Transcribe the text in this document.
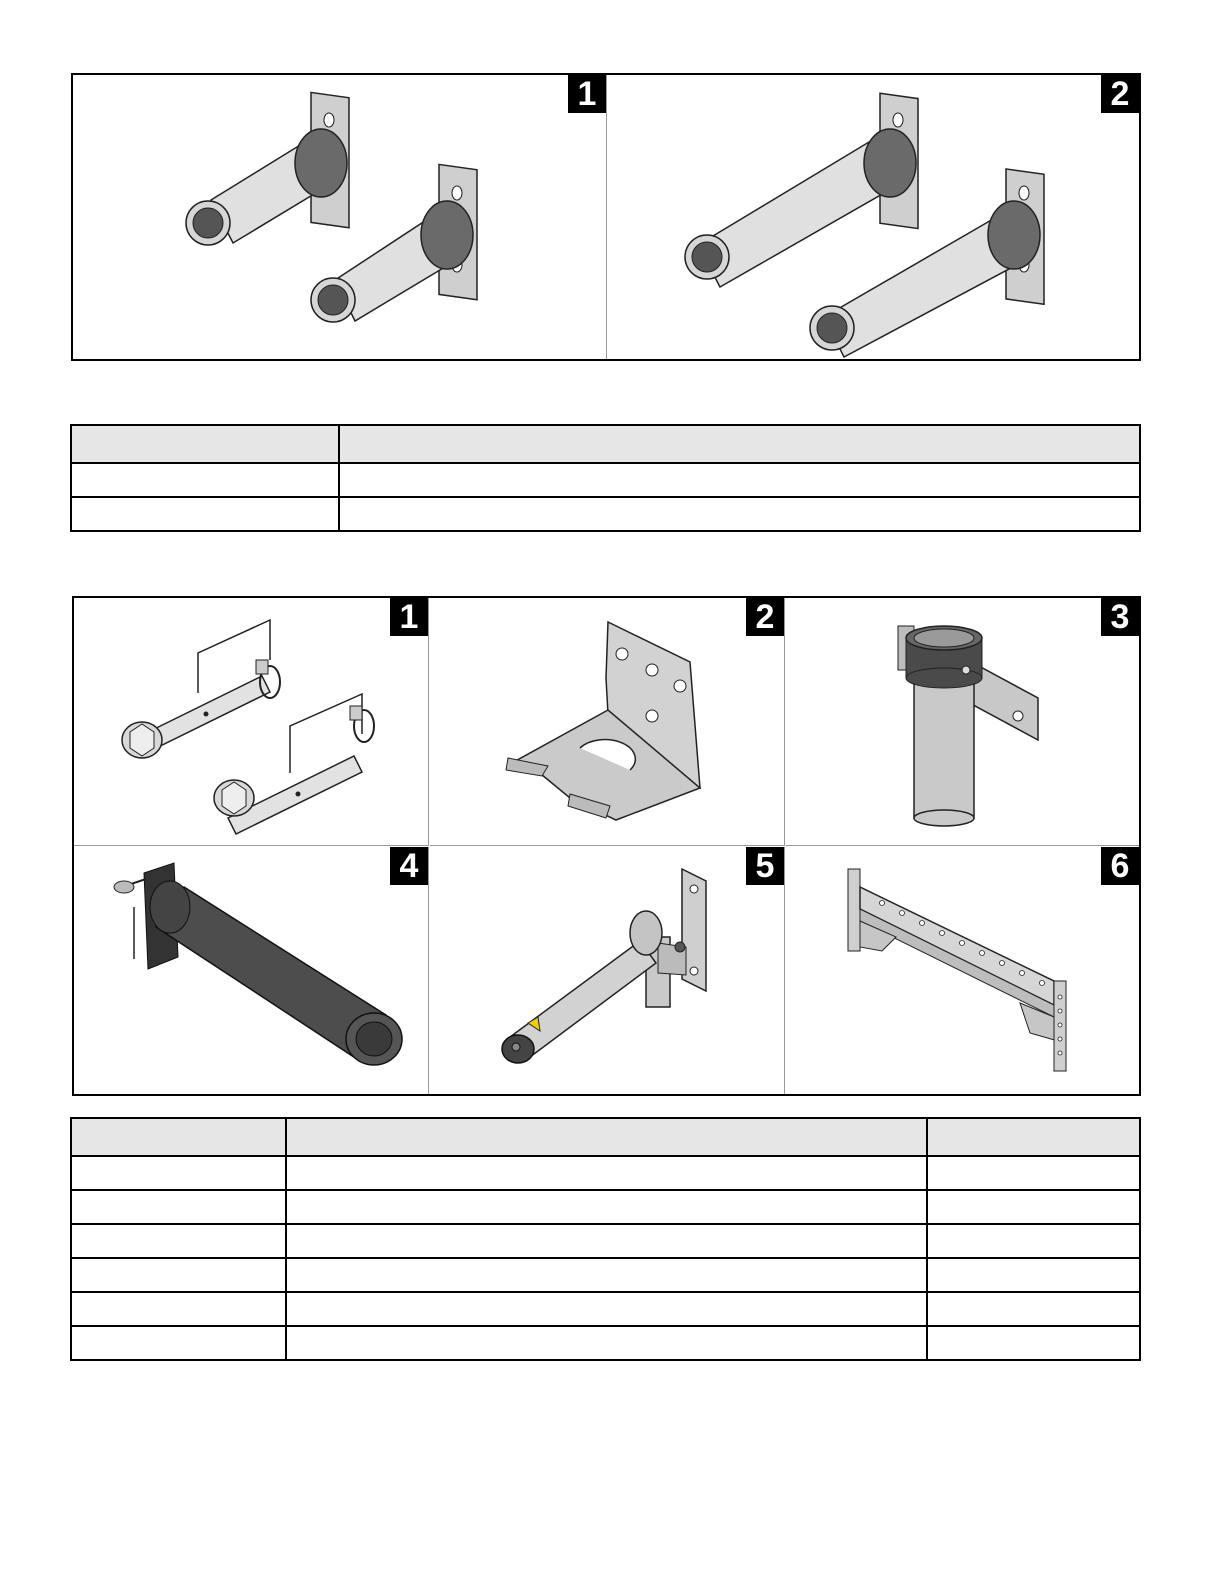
1	2

1	2	3
4	5	6
